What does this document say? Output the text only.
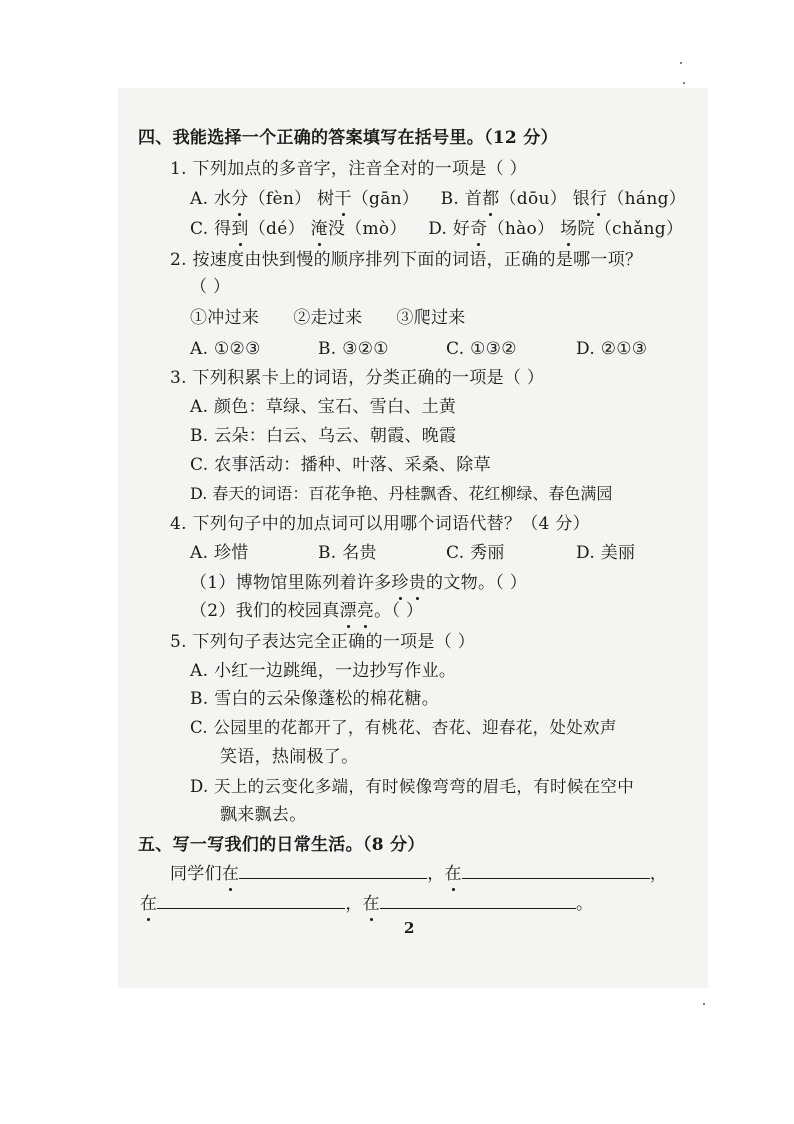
四、我能选择一个正确的答案填写在括号里。（12 分）
1. 下列加点的多音字，注音全对的一项是（ ）
A. 水分（fèn） 树干（gān） B. 首都（dōu） 银行（háng）
C. 得到（dé） 淹没（mò） D. 好奇（hào） 场院（chǎng）
2. 按速度由快到慢的顺序排列下面的词语，正确的是哪一项？
（ ）
①冲过来 ②走过来 ③爬过来
A. ①②③	B. ③②①	C. ①③②	D. ②①③
3. 下列积累卡上的词语，分类正确的一项是（ ）
A. 颜色：草绿、宝石、雪白、土黄
B. 云朵：白云、乌云、朝霞、晚霞
C. 农事活动：播种、叶落、采桑、除草
D. 春天的词语：百花争艳、丹桂飘香、花红柳绿、春色满园
4. 下列句子中的加点词可以用哪个词语代替？（4 分）
A. 珍惜	B. 名贵	C. 秀丽	D. 美丽
（1）博物馆里陈列着许多珍贵的文物。（ ）
（2）我们的校园真漂亮。（ ）
5. 下列句子表达完全正确的一项是（ ）
A. 小红一边跳绳，一边抄写作业。
B. 雪白的云朵像蓬松的棉花糖。
C. 公园里的花都开了，有桃花、杏花、迎春花，处处欢声
笑语，热闹极了。
D. 天上的云变化多端，有时候像弯弯的眉毛，有时候在空中
飘来飘去。
五、写一写我们的日常生活。（8 分）
同学们在	，在	，
在	，在	。
2
